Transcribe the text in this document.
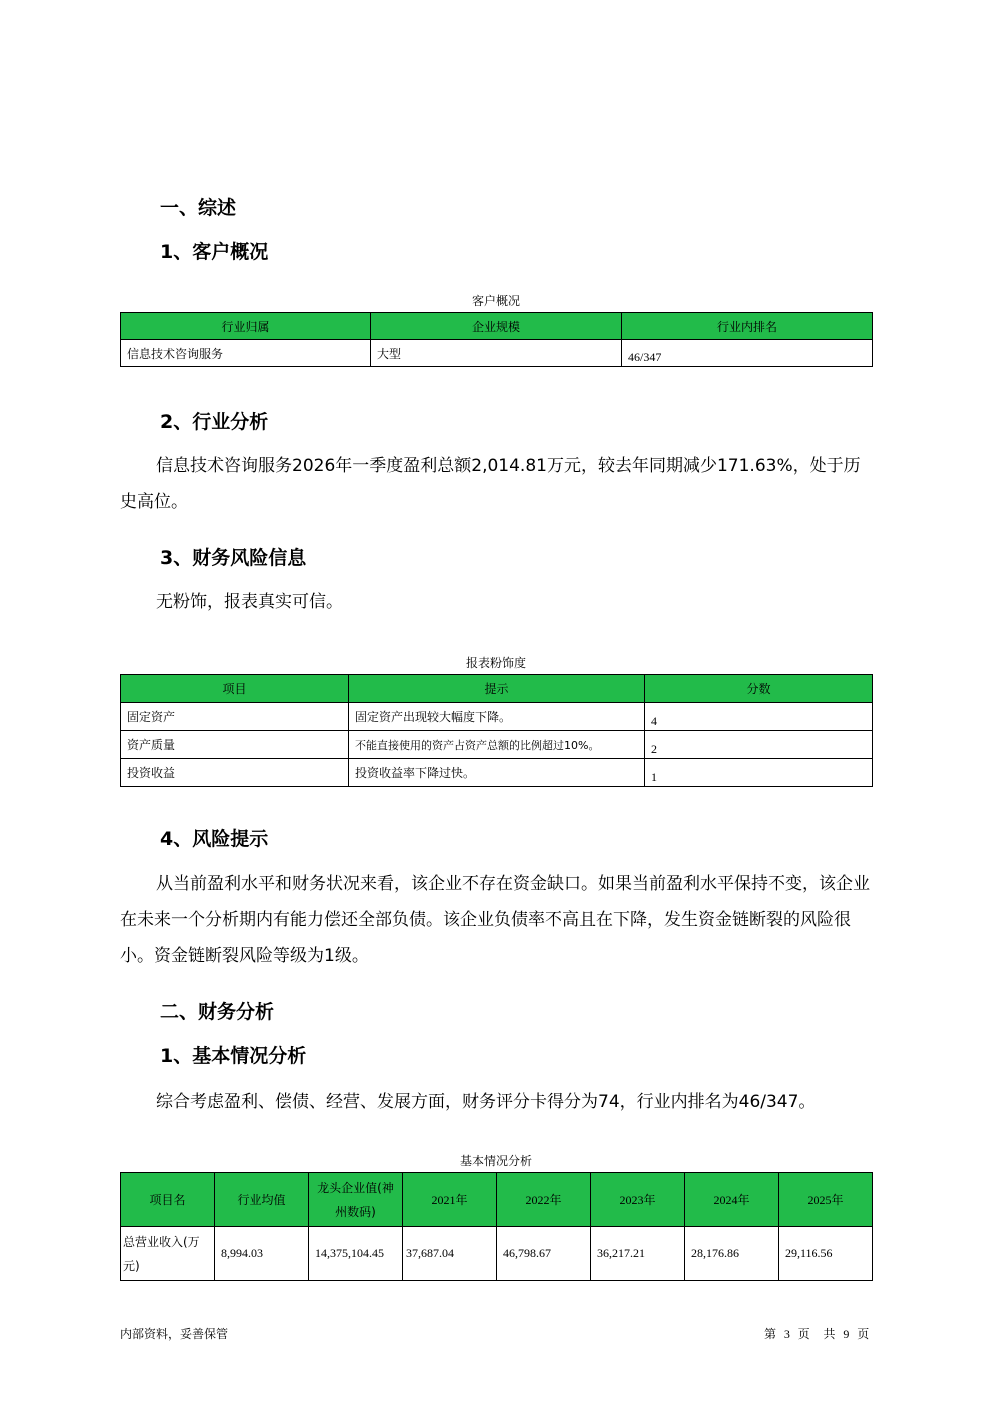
一、综述
1、客户概况
客户概况
行业归属	企业规模	行业内排名
信息技术咨询服务	大型	46/347
2、行业分析
信息技术咨询服务2026年一季度盈利总额2,014.81万元，较去年同期减少171.63%，处于历史高位。
3、财务风险信息
无粉饰，报表真实可信。
报表粉饰度
项目	提示	分数
固定资产	固定资产出现较大幅度下降。	4
资产质量	不能直接使用的资产占资产总额的比例超过10%。	2
投资收益	投资收益率下降过快。	1
4、风险提示
从当前盈利水平和财务状况来看，该企业不存在资金缺口。如果当前盈利水平保持不变，该企业在未来一个分析期内有能力偿还全部负债。该企业负债率不高且在下降，发生资金链断裂的风险很小。资金链断裂风险等级为1级。
二、财务分析
1、基本情况分析
综合考虑盈利、偿债、经营、发展方面，财务评分卡得分为74，行业内排名为46/347。
基本情况分析
项目名	行业均值	龙头企业值(神州数码)	2021年	2022年	2023年	2024年	2025年
总营业收入(万元)	8,994.03	14,375,104.45	37,687.04	46,798.67	36,217.21	28,176.86	29,116.56
内部资料，妥善保管	第 3 页 共 9 页
